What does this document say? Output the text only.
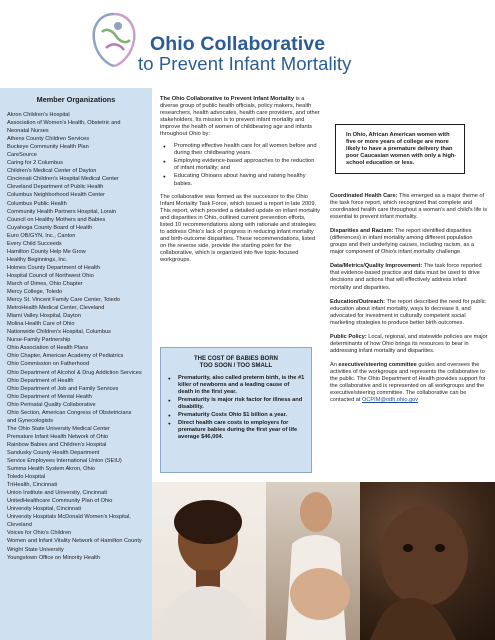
Ohio Collaborative
to Prevent Infant Mortality
Member Organizations
Akron Children's Hospital
Association of Women's Health, Obstetric and
Neonatal Nurses
Athens County Children Services
Buckeye Community Health Plan
CareSource
Caring for 2 Columbus
Children's Medical Center of Dayton
Cincinnati Children's Hospital Medical Center
Cleveland Department of Public Health
Columbus Neighborhood Health Center
Columbus Public Health
Community Health Partners Hospital, Lorain
Council on Healthy Mothers and Babies
Cuyahoga County Board of Health
Euro OB/GYN, Inc., Canton
Every Child Succeeds
Hamilton County Help Me Grow
Healthy Beginnings, Inc.
Holmes County Department of Health
Hospital Council of Northwest Ohio
March of Dimes, Ohio Chapter
Mercy College, Toledo
Mercy St. Vincent Family Care Center, Toledo
MetroHealth Medical Center, Cleveland
Miami Valley Hospital, Dayton
Molina Health Care of Ohio
Nationwide Children's Hospital, Columbus
Nurse-Family Partnership
Ohio Association of Health Plans
Ohio Chapter, American Academy of Pediatrics
Ohio Commission on Fatherhood
Ohio Department of Alcohol & Drug Addiction Services
Ohio Department of Health
Ohio Department of Job and Family Services
Ohio Department of Mental Health
Ohio Perinatal Quality Collaborative
Ohio Section, American Congress of Obstetricians
and Gynecologists
The Ohio State University Medical Center
Premature Infant Health Network of Ohio
Rainbow Babies and Children's Hospital
Sandusky County Health Department
Service Employees International Union (SEIU)
Summa Health System Akron, Ohio
Toledo Hospital
TriHealth, Cincinnati
Union Institute and University, Cincinnati
UnitedHealthcare Community Plan of Ohio
University Hospital, Cincinnati
University Hospitals McDonald Women's Hospital,
Cleveland
Voices for Ohio's Children
Women and Infant Vitality Network of Hamilton County
Wright State University
Youngstown Office on Minority Health

The Ohio Collaborative to Prevent Infant Mortality is a diverse group of public health officials, policy makers, health researchers, health advocates, health care providers, and other stakeholders. Its mission is to prevent infant mortality and improve the health of women of childbearing age and infants throughout Ohio by:

● Promoting effective health care for all women before and during their childbearing years.
● Employing evidence-based approaches to the reduction of infant mortality; and
● Educating Ohioans about having and raising healthy babies.

The collaborative was formed as the successor to the Ohio Infant Mortality Task Force, which issued a report in late 2009. This report, which provided a detailed update on infant mortality and disparities in Ohio, outlined current prevention efforts, listed 10 recommendations along with rationale and strategies to address Ohio's lack of progress in reducing infant mortality and birth-outcome disparities. These recommendations, listed on the reverse side, provide the starting point for the collaborative, which is organized into five topic-focused workgroups.

THE COST OF BABIES BORN
TOO SOON / TOO SMALL
● Prematurity, also called preterm birth, is the #1 killer of newborns and a leading cause of death in the first year.
● Prematurity is major risk factor for illness and disability.
● Prematurity Costs Ohio $1 billion a year.
● Direct health care costs to employers for premature babies during the first year of life average $46,004.
In Ohio, African American women with five or more years of college are more likely to have a premature delivery than poor Caucasian women with only a high-school education or less.

Coordinated Health Care: This emerged as a major theme of the task force report, which recognized that complete and coordinated health care throughout a woman's and child's life is essential to prevent infant mortality.

Disparities and Racism: The report identified disparities (differences) in infant mortality among different population groups and their underlying causes, including racism, as a major component of Ohio's infant mortality challenge.

Data/Metrics/Quality Improvement: The task force reported that evidence-based practice and data must be used to drive decisions and actions that will effectively address infant mortality and disparities.

Education/Outreach: The report described the need for public education about infant mortality, ways to decrease it, and advocated for investment in culturally competent social marketing strategies to produce better birth outcomes.

Public Policy: Local, regional, and statewide policies are major determinants of how Ohio brings its resources to bear in addressing infant mortality and disparities.

An executive/steering committee guides and oversees the activities of the workgroups and represents the collaborative to the public. The Ohio Department of Health provides support for the collaborative and is represented on all workgroups and the executive/steering committee. The collaborative can be contacted at OCPIM@odh.ohio.gov
